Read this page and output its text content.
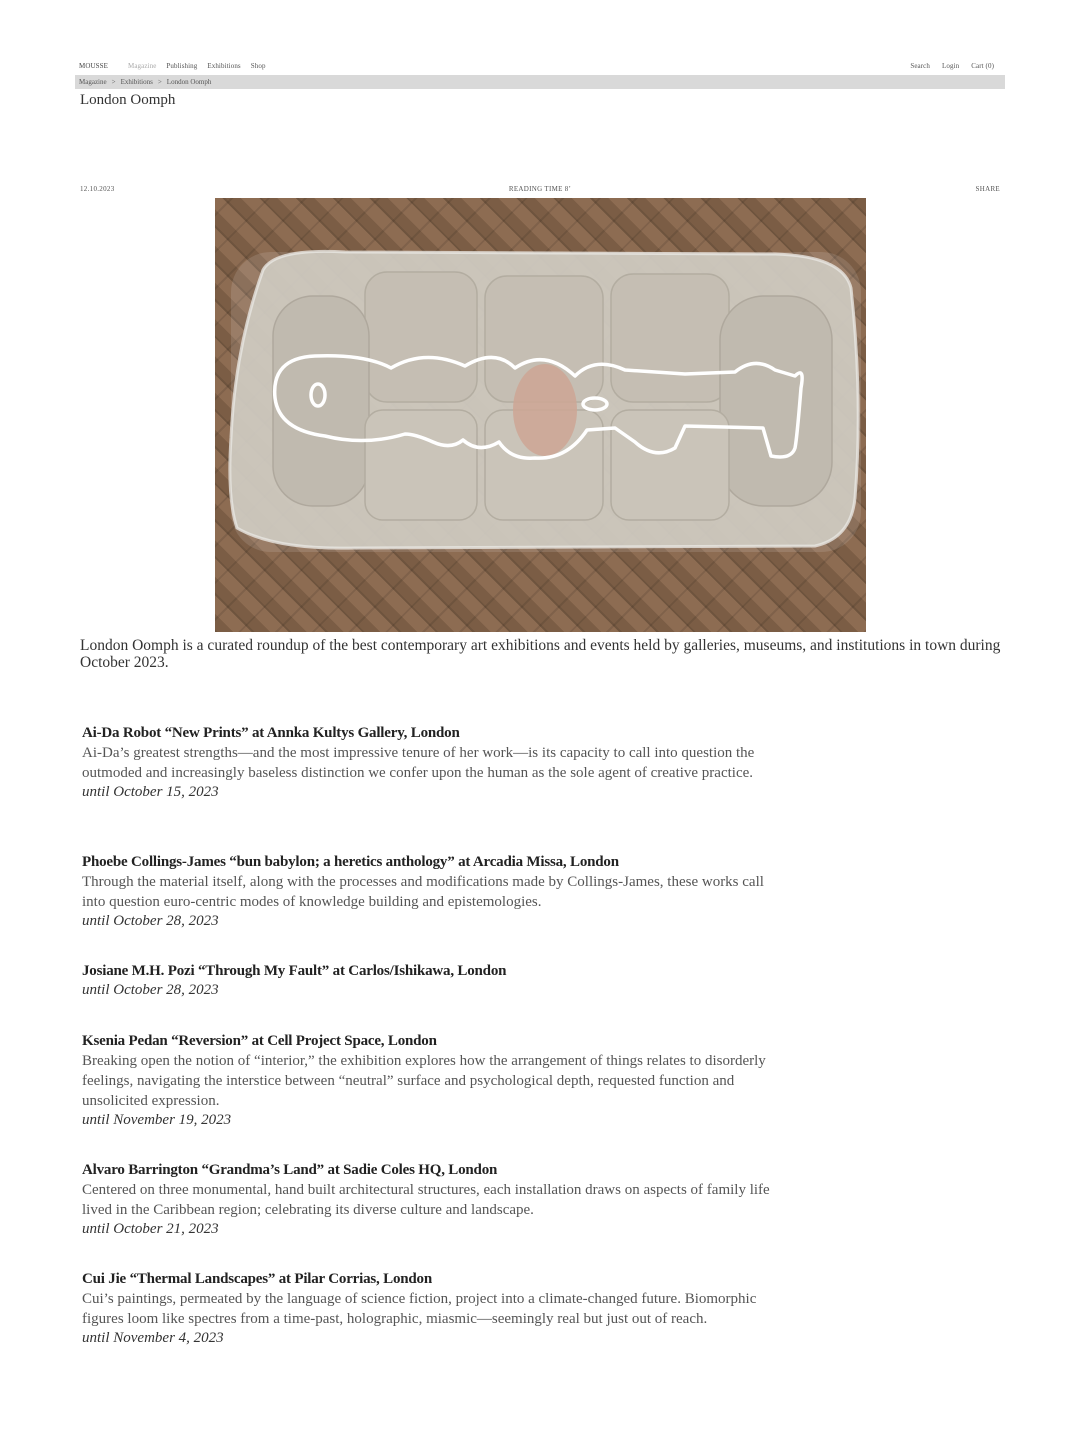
MOUSSE	Magazine Publishing Exhibitions Shop	Search Login Cart (0)
Magazine > Exhibitions > London Oomph
London Oomph
12.10.2023	READING TIME 8’	SHARE
London Oomph is a curated roundup of the best contemporary art exhibitions and events held by galleries, museums, and institutions in town during October 2023.
Ai-Da Robot “New Prints” at Annka Kultys Gallery, London
Ai-Da’s greatest strengths—and the most impressive tenure of her work—is its capacity to call into question the outmoded and increasingly baseless distinction we confer upon the human as the sole agent of creative practice.
until October 15, 2023
Phoebe Collings-James “bun babylon; a heretics anthology” at Arcadia Missa, London
Through the material itself, along with the processes and modifications made by Collings-James, these works call into question euro-centric modes of knowledge building and epistemologies.
until October 28, 2023
Josiane M.H. Pozi “Through My Fault” at Carlos/Ishikawa, London
until October 28, 2023
Ksenia Pedan “Reversion” at Cell Project Space, London
Breaking open the notion of “interior,” the exhibition explores how the arrangement of things relates to disorderly feelings, navigating the interstice between “neutral” surface and psychological depth, requested function and unsolicited expression.
until November 19, 2023
Alvaro Barrington “Grandma’s Land” at Sadie Coles HQ, London
Centered on three monumental, hand built architectural structures, each installation draws on aspects of family life lived in the Caribbean region; celebrating its diverse culture and landscape.
until October 21, 2023
Cui Jie “Thermal Landscapes” at Pilar Corrias, London
Cui’s paintings, permeated by the language of science fiction, project into a climate-changed future. Biomorphic figures loom like spectres from a time-past, holographic, miasmic—seemingly real but just out of reach.
until November 4, 2023
